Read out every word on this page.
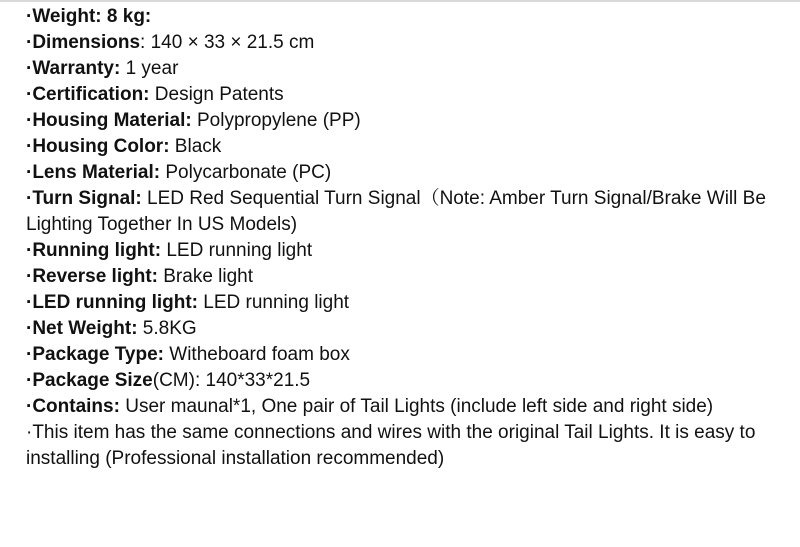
·Weight: 8 kg:
·Dimensions: 140 × 33 × 21.5 cm
·Warranty: 1 year
·Certification: Design Patents
·Housing Material: Polypropylene (PP)
·Housing Color: Black
·Lens Material: Polycarbonate (PC)
·Turn Signal: LED Red Sequential Turn Signal（Note: Amber Turn Signal/Brake Will Be Lighting Together In US Models)
·Running light: LED running light
·Reverse light: Brake light
·LED running light: LED running light
·Net Weight: 5.8KG
·Package Type: Witheboard foam box
·Package Size(CM): 140*33*21.5
·Contains: User maunal*1, One pair of Tail Lights (include left side and right side)
·This item has the same connections and wires with the original Tail Lights. It is easy to installing (Professional installation recommended)
